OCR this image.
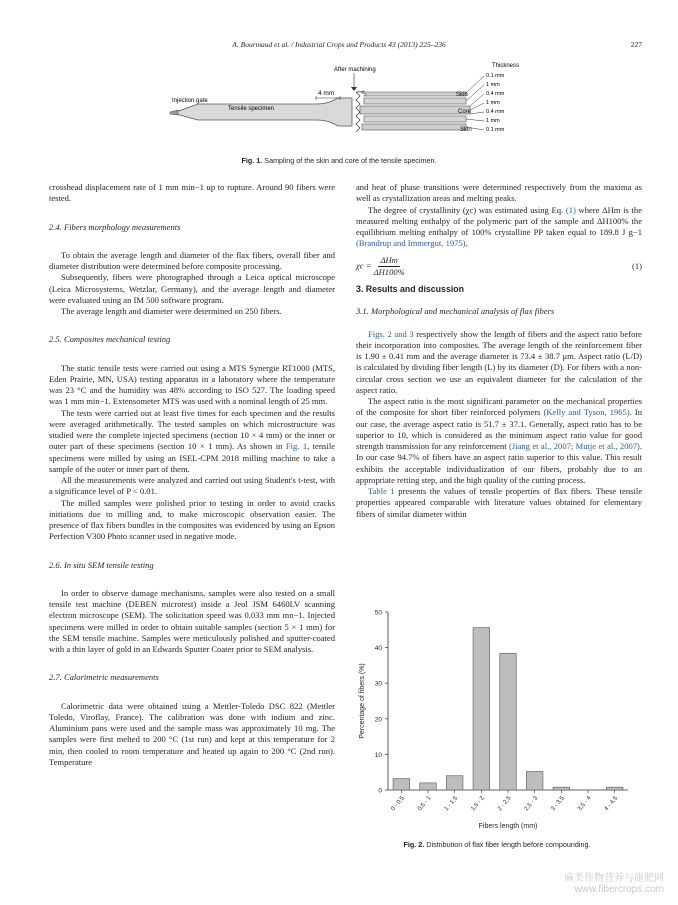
A. Bourmaud et al. / Industrial Crops and Products 43 (2013) 225–236	227
4 mm
After machining
Skin
Core
Skin
Injection gate
Tensile specimen
Thickness
0.1 mm
1 mm
0.4 mm
1 mm
0.4 mm
1 mm
0.1 mm
Fig. 1. Sampling of the skin and core of the tensile specimen.

crosshead displacement rate of 1 mm min−1 up to rupture. Around 90 fibers were tested.

2.4. Fibers morphology measurements

To obtain the average length and diameter of the flax fibers, overall fiber and diameter distribution were determined before composite processing.

Subsequently, fibers were photographed through a Leica optical microscope (Leica Microsystems, Wetzlar, Germany), and the average length and diameter were evaluated using an IM 500 software program.

The average length and diameter were determined on 250 fibers.

2.5. Composites mechanical testing

The static tensile tests were carried out using a MTS Synergie RT1000 (MTS, Eden Prairie, MN, USA) testing apparatus in a laboratory where the temperature was 23 °C and the humidity was 48% according to ISO 527. The loading speed was 1 mm min−1. Extensometer MTS was used with a nominal length of 25 mm.

The tests were carried out at least five times for each specimen and the results were averaged arithmetically. The tested samples on which microstructure was studied were the complete injected specimens (section 10 × 4 mm) or the inner or outer part of these specimens (section 10 × 1 mm). As shown in Fig. 1, tensile specimens were milled by using an ISEL-CPM 2018 milling machine to take a sample of the outer or inner part of them.

All the measurements were analyzed and carried out using Student's t-test, with a significance level of P < 0.01.

The milled samples were polished prior to testing in order to avoid cracks initiations due to milling and, to make microscopic observation easier. The presence of flax fibers bundles in the composites was evidenced by using an Epson Perfection V300 Photo scanner used in negative mode.

2.6. In situ SEM tensile testing

In order to observe damage mechanisms, samples were also tested on a small tensile test machine (DEBEN microtest) inside a Jeol JSM 6460LV scanning electron microscope (SEM). The solicitation speed was 0.033 mm mn−1. Injected specimens were milled in order to obtain suitable samples (section 5 × 1 mm) for the SEM tensile machine. Samples were meticulously polished and sputter-coated with a thin layer of gold in an Edwards Sputter Coater prior to SEM analysis.

2.7. Calorimetric measurements

Calorimetric data were obtained using a Mettler-Toledo DSC 822 (Mettler Toledo, Viroflay, France). The calibration was done with indium and zinc. Aluminium pans were used and the sample mass was approximately 10 mg. The samples were first melted to 200 °C (1st run) and kept at this temperature for 2 min, then cooled to room temperature and heated up again to 200 °C (2nd run). Temperature

and heat of phase transitions were determined respectively from the maxima as well as crystallization areas and melting peaks.

The degree of crystallinity (χc) was estimated using Eq. (1) where ΔHm is the measured melting enthalpy of the polymeric part of the sample and ΔH100% the equilibrium melting enthalpy of 100% crystalline PP taken equal to 189.8 J g−1 (Brandrup and Immergut, 1975).

$\chi c = \frac{\text{ΔHm}}{\Delta H100\%}$	(1)
3. Results and discussion
3.1. Morphological and mechanical analysis of flax fibers

Figs. 2 and 3 respectively show the length of fibers and the aspect ratio before their incorporation into composites. The average length of the reinforcement fiber is 1.90 ± 0.41 mm and the average diameter is 73.4 ± 38.7 μm. Aspect ratio (L/D) is calculated by dividing fiber length (L) by its diameter (D). For fibers with a non-circular cross section we use an equivalent diameter for the calculation of the aspect ratio.

The aspect ratio is the most significant parameter on the mechanical properties of the composite for short fiber reinforced polymers (Kelly and Tyson, 1965). In our case, the average aspect ratio is 51.7 ± 37.1. Generally, aspect ratio has to be superior to 10, which is considered as the minimum aspect ratio value for good strength transmission for any reinforcement (Jiang et al., 2007; Mutje et al., 2007). In our case 94.7% of fibers have an aspect ratio superior to this value. This result exhibits the acceptable individualization of our fibers, probably due to an appropriate retting step, and the high quality of the cutting process.

Table 1 presents the values of tensile properties of flax fibers. These tensile properties appeared comparable with literature values obtained for elementary fibers of similar diameter within

0
10
20
30
40
50
0 - 0,5 0,5 - 1 1 - 1,5 1,5 - 2 2 - 2,5 2,5 - 3 3 - 3,5 3,5 - 4 4 - 4,5
Percentage of fibers (%)
Fibers length (mm)
Fig. 2. Distribution of flax fiber length before compounding.
麻类作物营养与施肥网
www.fibercrops.com
